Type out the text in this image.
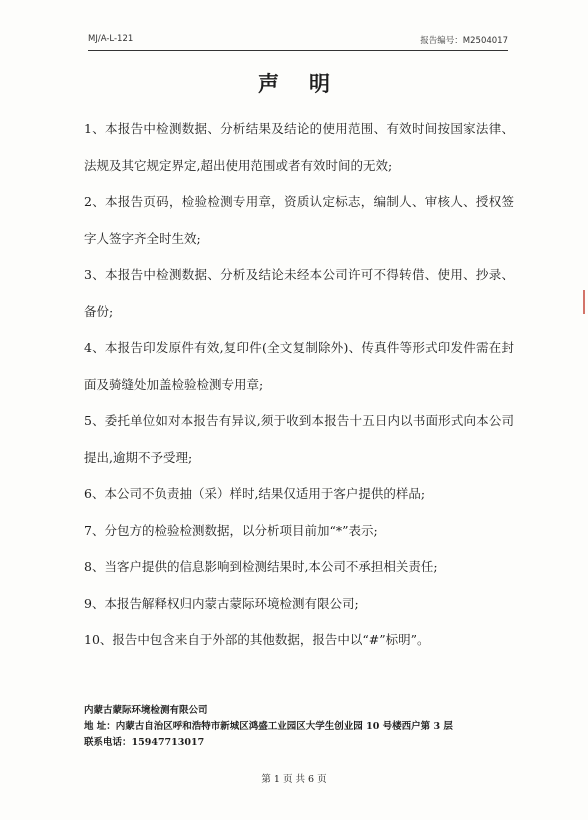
MJ/A-L-121	报告编号：M2504017
声明

1、本报告中检测数据、分析结果及结论的使用范围、有效时间按国家法律、法规及其它规定界定,超出使用范围或者有效时间的无效;

2、本报告页码，检验检测专用章，资质认定标志，编制人、审核人、授权签字人签字齐全时生效;

3、本报告中检测数据、分析及结论未经本公司许可不得转借、使用、抄录、备份;

4、本报告印发原件有效,复印件(全文复制除外)、传真件等形式印发件需在封面及骑缝处加盖检验检测专用章;

5、委托单位如对本报告有异议,须于收到本报告十五日内以书面形式向本公司提出,逾期不予受理;

6、本公司不负责抽（采）样时,结果仅适用于客户提供的样品;

7、分包方的检验检测数据，以分析项目前加“*”表示;

8、当客户提供的信息影响到检测结果时,本公司不承担相关责任;

9、本报告解释权归内蒙古蒙际环境检测有限公司;

10、报告中包含来自于外部的其他数据，报告中以“#”标明”。

内蒙古蒙际环境检测有限公司
地 址：内蒙古自治区呼和浩特市新城区鸿盛工业园区大学生创业园 10 号楼西户第 3 层
联系电话：15947713017
第 1 页 共 6 页
